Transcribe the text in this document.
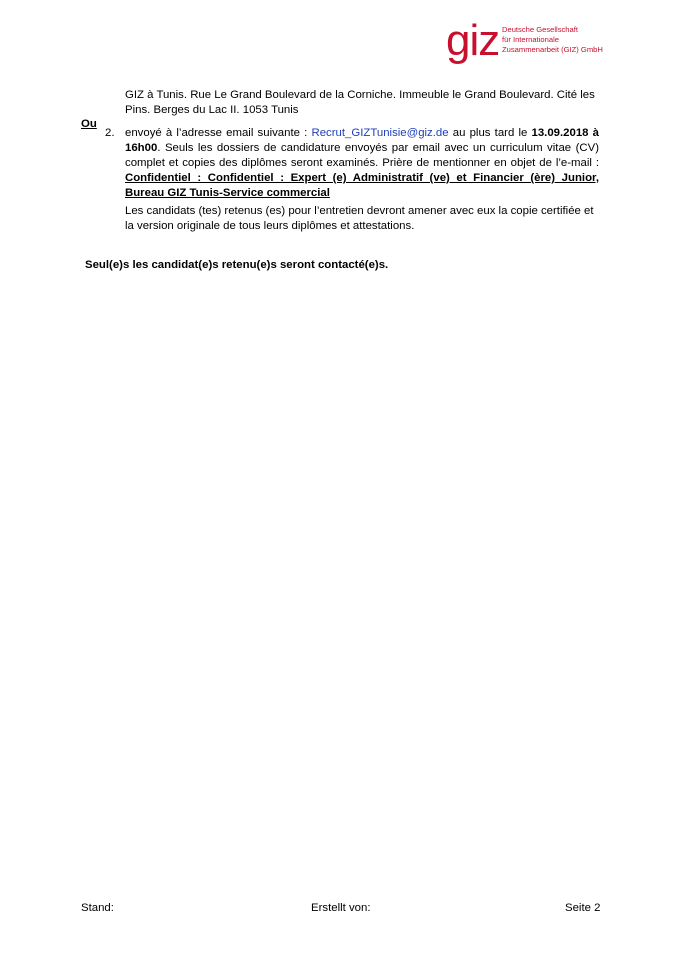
giz Deutsche Gesellschaft
für Internationale
Zusammenarbeit (GIZ) GmbH

GIZ à Tunis. Rue Le Grand Boulevard de la Corniche. Immeuble le Grand Boulevard. Cité les Pins. Berges du Lac II. 1053 Tunis

Ou
2. envoyé à l’adresse email suivante : Recrut_GIZTunisie@giz.de au plus tard le 13.09.2018 à 16h00. Seuls les dossiers de candidature envoyés par email avec un curriculum vitae (CV) complet et copies des diplômes seront examinés. Prière de mentionner en objet de l’e-mail : Confidentiel : Confidentiel : Expert (e) Administratif (ve) et Financier (ère) Junior, Bureau GIZ Tunis-Service commercial

Les candidats (tes) retenus (es) pour l’entretien devront amener avec eux la copie certifiée et la version originale de tous leurs diplômes et attestations.

Seul(e)s les candidat(e)s retenu(e)s seront contacté(e)s.

Stand:	Erstellt von:	Seite 2
